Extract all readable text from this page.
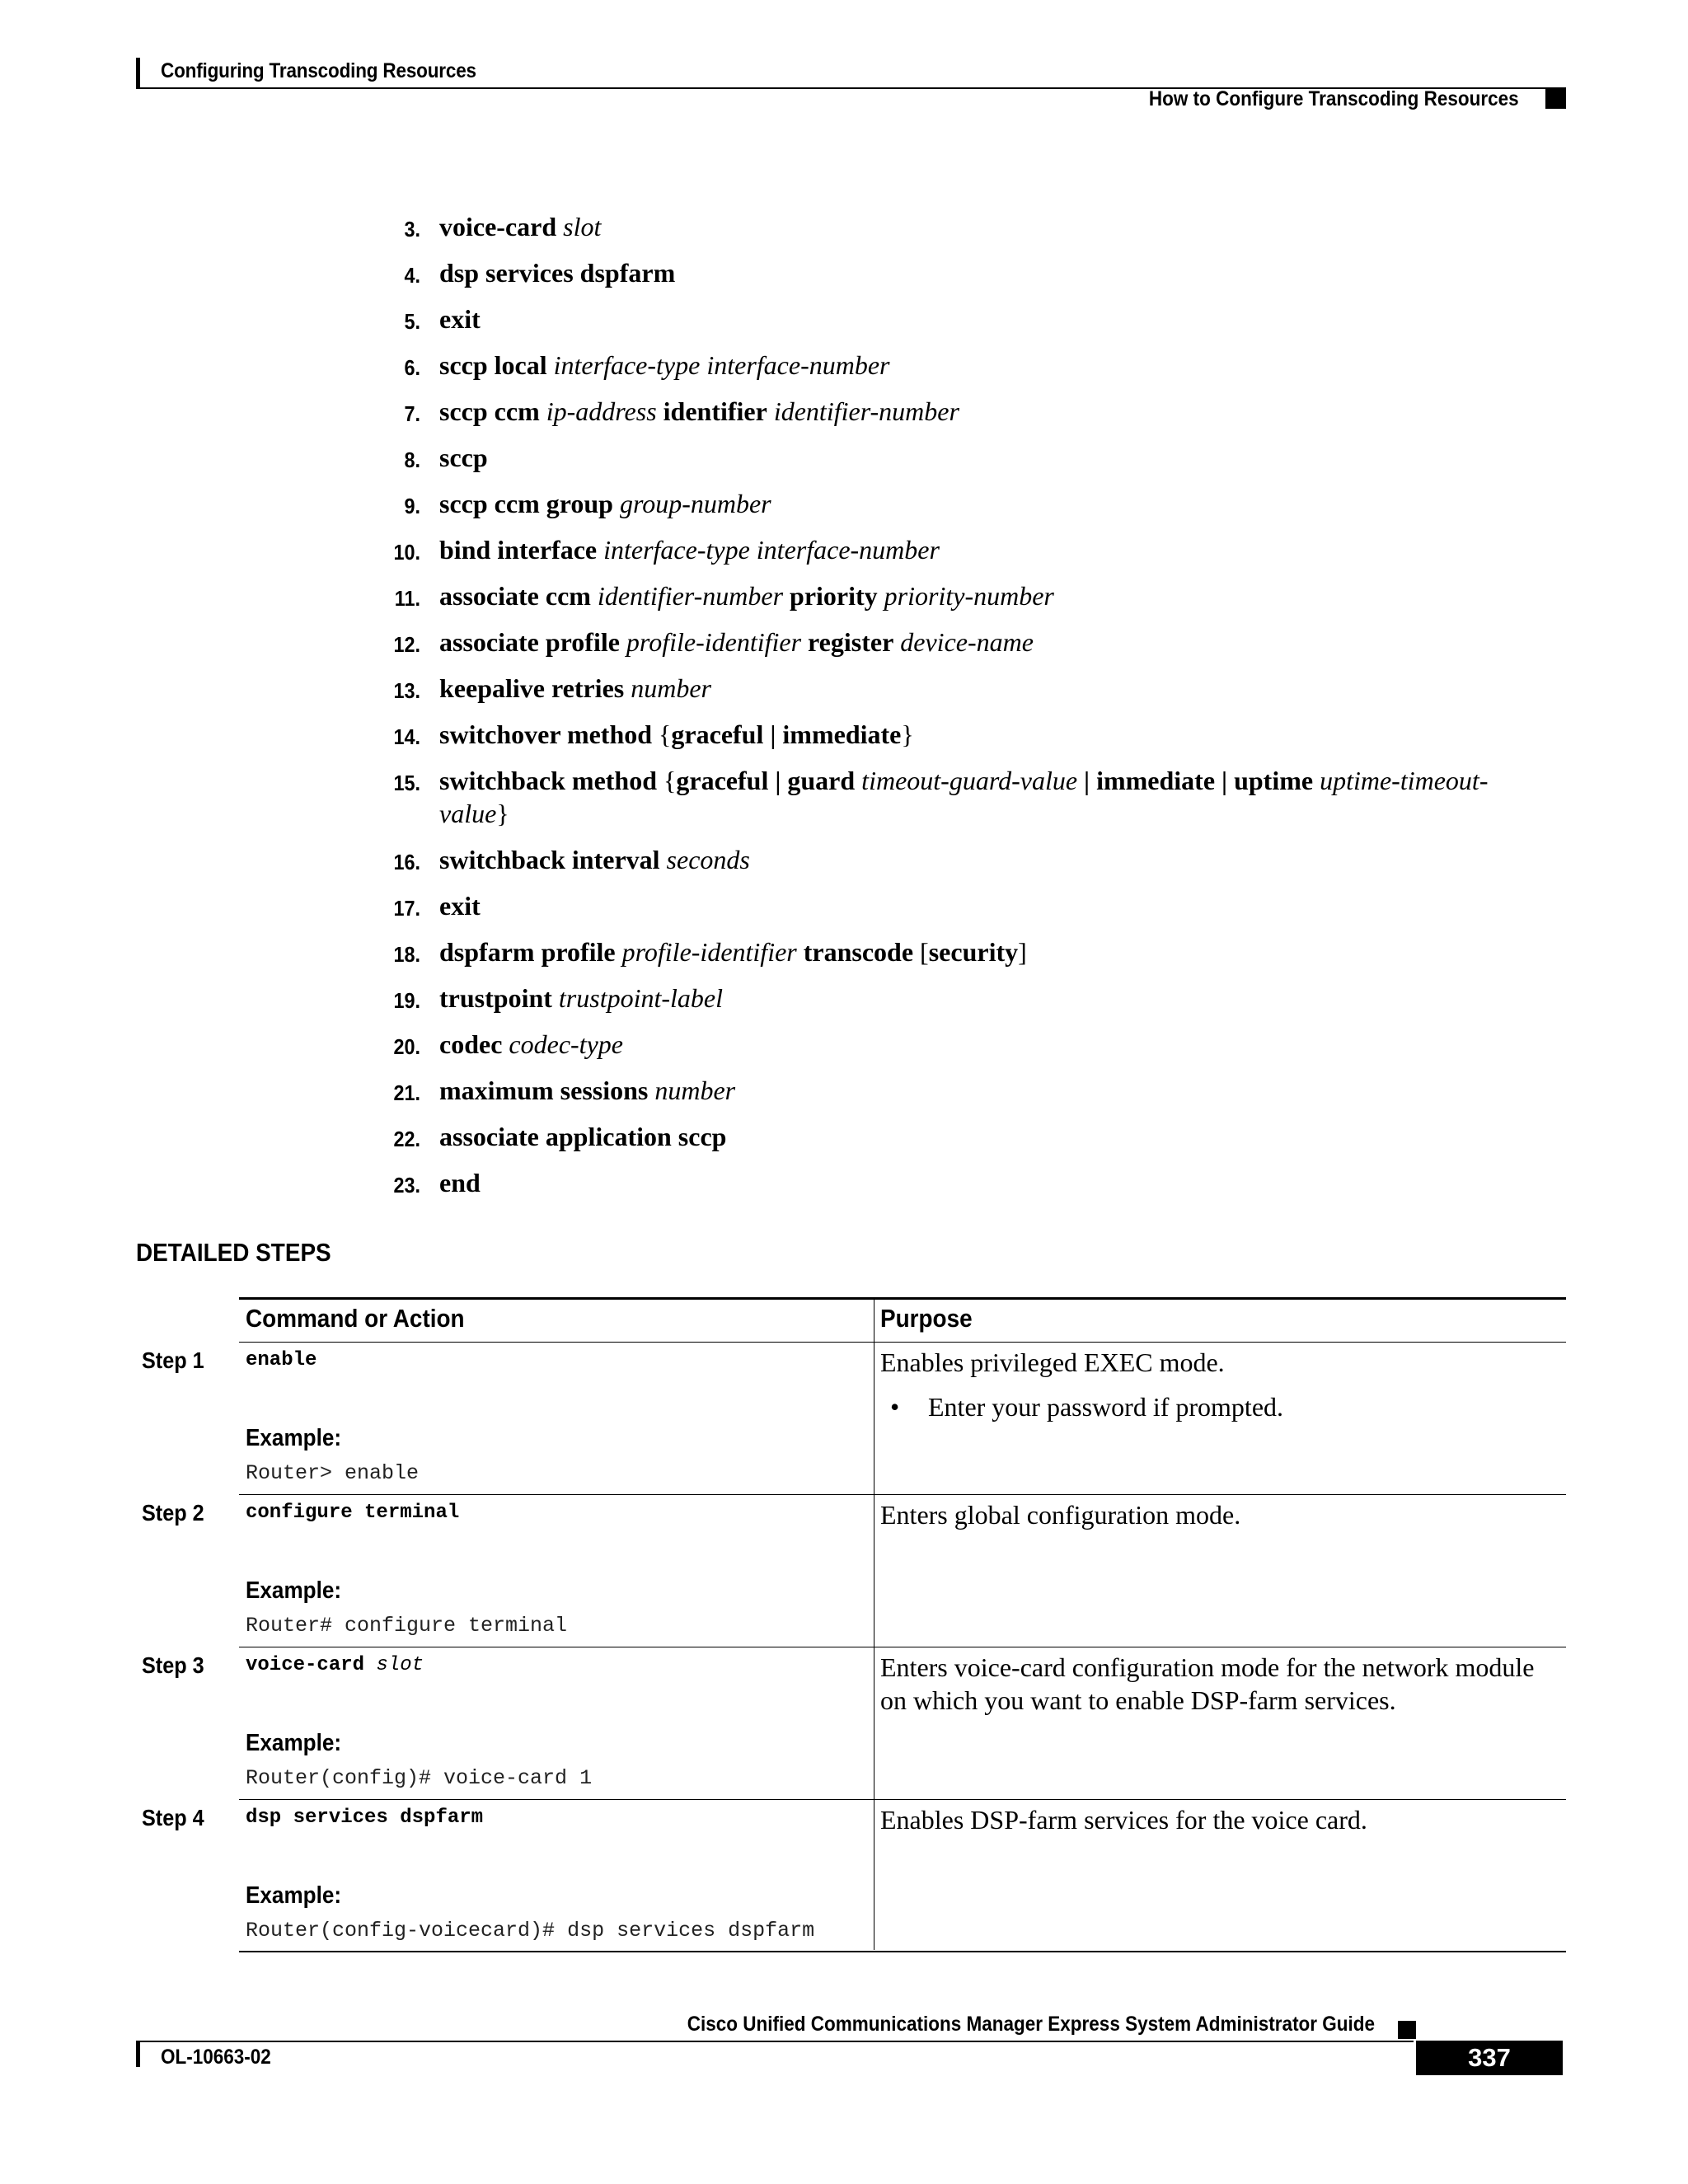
Configuring Transcoding Resources
How to Configure Transcoding Resources
3. voice-card slot
4. dsp services dspfarm
5. exit
6. sccp local interface-type interface-number
7. sccp ccm ip-address identifier identifier-number
8. sccp
9. sccp ccm group group-number
10. bind interface interface-type interface-number
11. associate ccm identifier-number priority priority-number
12. associate profile profile-identifier register device-name
13. keepalive retries number
14. switchover method {graceful | immediate}
15. switchback method {graceful | guard timeout-guard-value | immediate | uptime uptime-timeout-value}
16. switchback interval seconds
17. exit
18. dspfarm profile profile-identifier transcode [security]
19. trustpoint trustpoint-label
20. codec codec-type
21. maximum sessions number
22. associate application sccp
23. end
DETAILED STEPS
Command or Action	Purpose
Step 1 enable
Example:
Router> enable
Enables privileged EXEC mode.
• Enter your password if prompted.
Step 2 configure terminal
Example:
Router# configure terminal
Enters global configuration mode.
Step 3 voice-card slot
Example:
Router(config)# voice-card 1
Enters voice-card configuration mode for the network module on which you want to enable DSP-farm services.
Step 4 dsp services dspfarm
Example:
Router(config-voicecard)# dsp services dspfarm
Enables DSP-farm services for the voice card.
Cisco Unified Communications Manager Express System Administrator Guide
OL-10663-02	337
